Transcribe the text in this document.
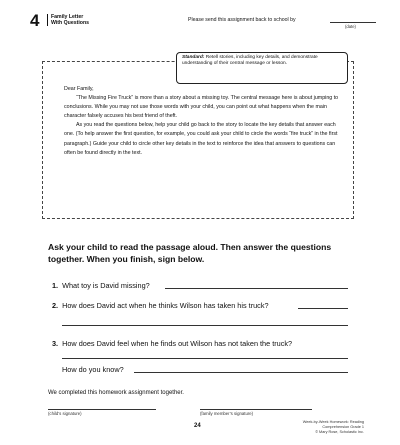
4 Family Letter
With Questions	Please send this assignment back to school by
(date)
Standard: Retell stories, including key details, and demonstrate understanding of their central message or lesson.

Dear Family,

“The Missing Fire Truck” is more than a story about a missing toy. The central message here is about jumping to conclusions. While you may not use those words with your child, you can point out what happens when the main character falsely accuses his best friend of theft.

As you read the questions below, help your child go back to the story to locate the key details that answer each one. (To help answer the first question, for example, you could ask your child to circle the words “fire truck” in the first paragraph.) Guide your child to circle other key details in the text to reinforce the idea that answers to questions can often be found directly in the text.

Ask your child to read the passage aloud. Then answer the questions together. When you finish, sign below.
1. What toy is David missing?
2. How does David act when he thinks Wilson has taken his truck?
3. How does David feel when he finds out Wilson has not taken the truck?
How do you know?
We completed this homework assignment together.
(child’s signature)	(family member’s signature)
24
Week-by-Week Homework: Reading Comprehension Grade 1
© Mary Rose, Scholastic Inc.
